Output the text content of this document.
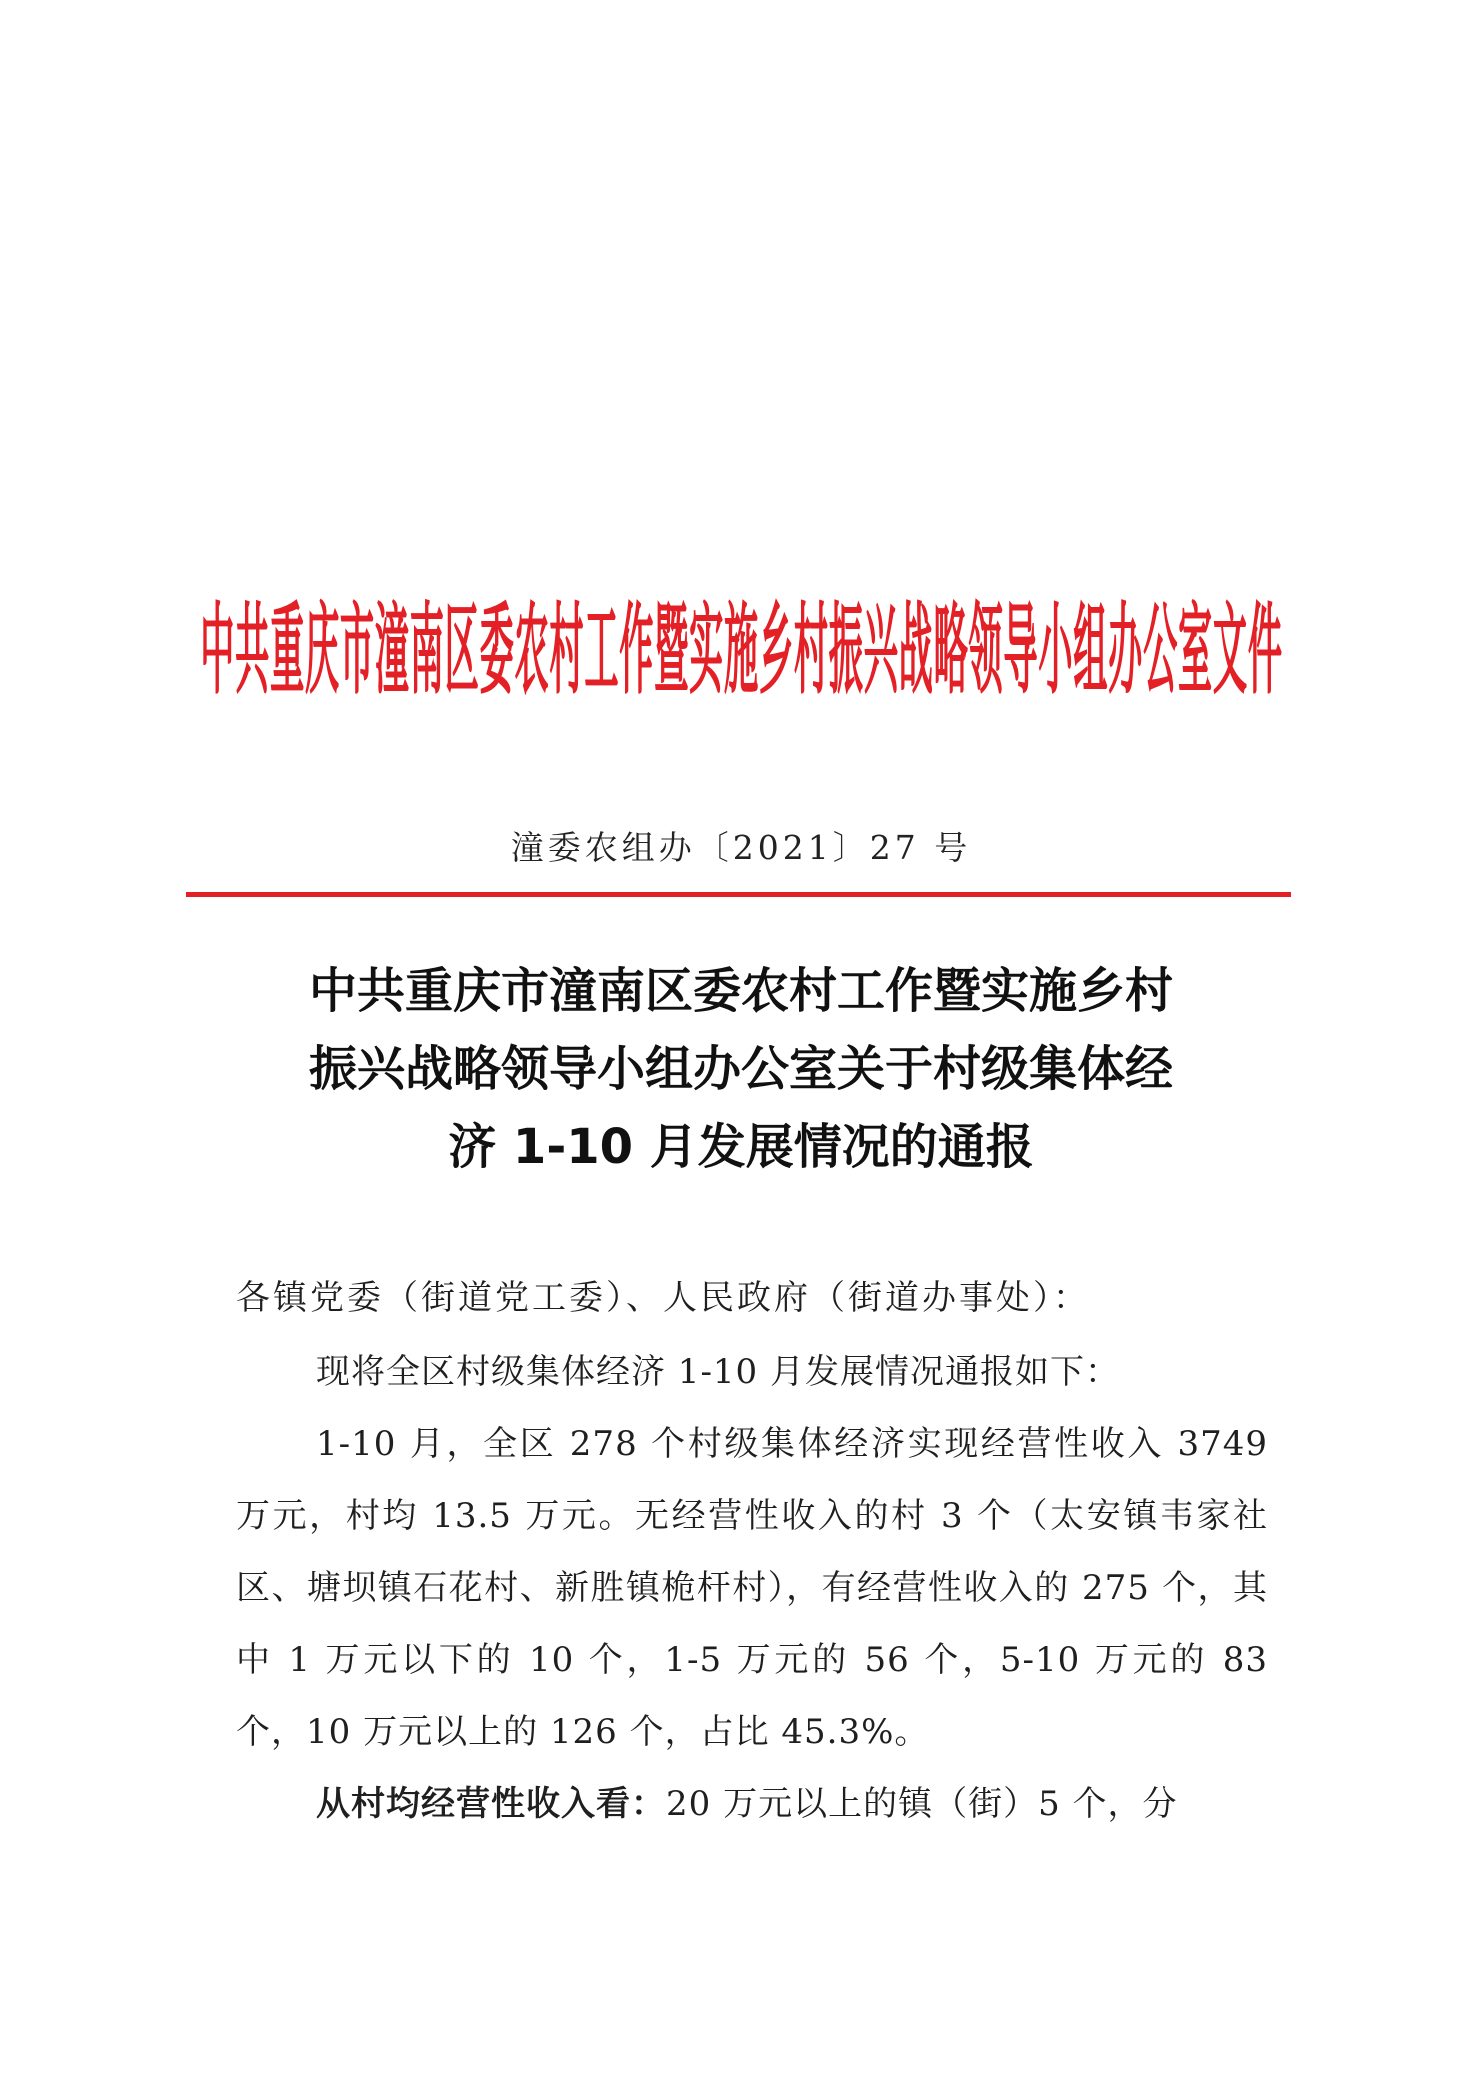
中共重庆市潼南区委农村工作暨实施乡村振兴战略领导小组办公室文件
潼委农组办〔2021〕27 号
中共重庆市潼南区委农村工作暨实施乡村
振兴战略领导小组办公室关于村级集体经
济 1-10 月发展情况的通报

各镇党委（街道党工委）、人民政府（街道办事处）：

现将全区村级集体经济 1-10 月发展情况通报如下：

1-10 月，全区 278 个村级集体经济实现经营性收入 3749 万元，村均 13.5 万元。无经营性收入的村 3 个（太安镇韦家社区、塘坝镇石花村、新胜镇桅杆村），有经营性收入的 275 个，其中 1 万元以下的 10 个，1-5 万元的 56 个，5-10 万元的 83 个，10 万元以上的 126 个，占比 45.3%。

从村均经营性收入看：20 万元以上的镇（街）5 个，分
